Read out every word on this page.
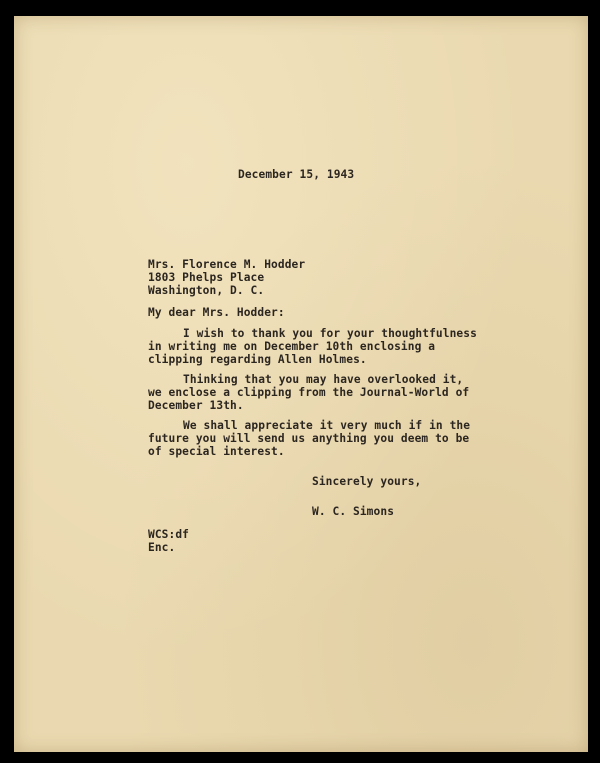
December 15, 1943

Mrs. Florence M. Hodder

1803 Phelps Place

Washington, D. C.

My dear Mrs. Hodder:

I wish to thank you for your thoughtfulness

in writing me on December 10th enclosing a

clipping regarding Allen Holmes.

Thinking that you may have overlooked it,

we enclose a clipping from the Journal-World of

December 13th.

We shall appreciate it very much if in the

future you will send us anything you deem to be

of special interest.

Sincerely yours,

W. C. Simons

WCS:df

Enc.
